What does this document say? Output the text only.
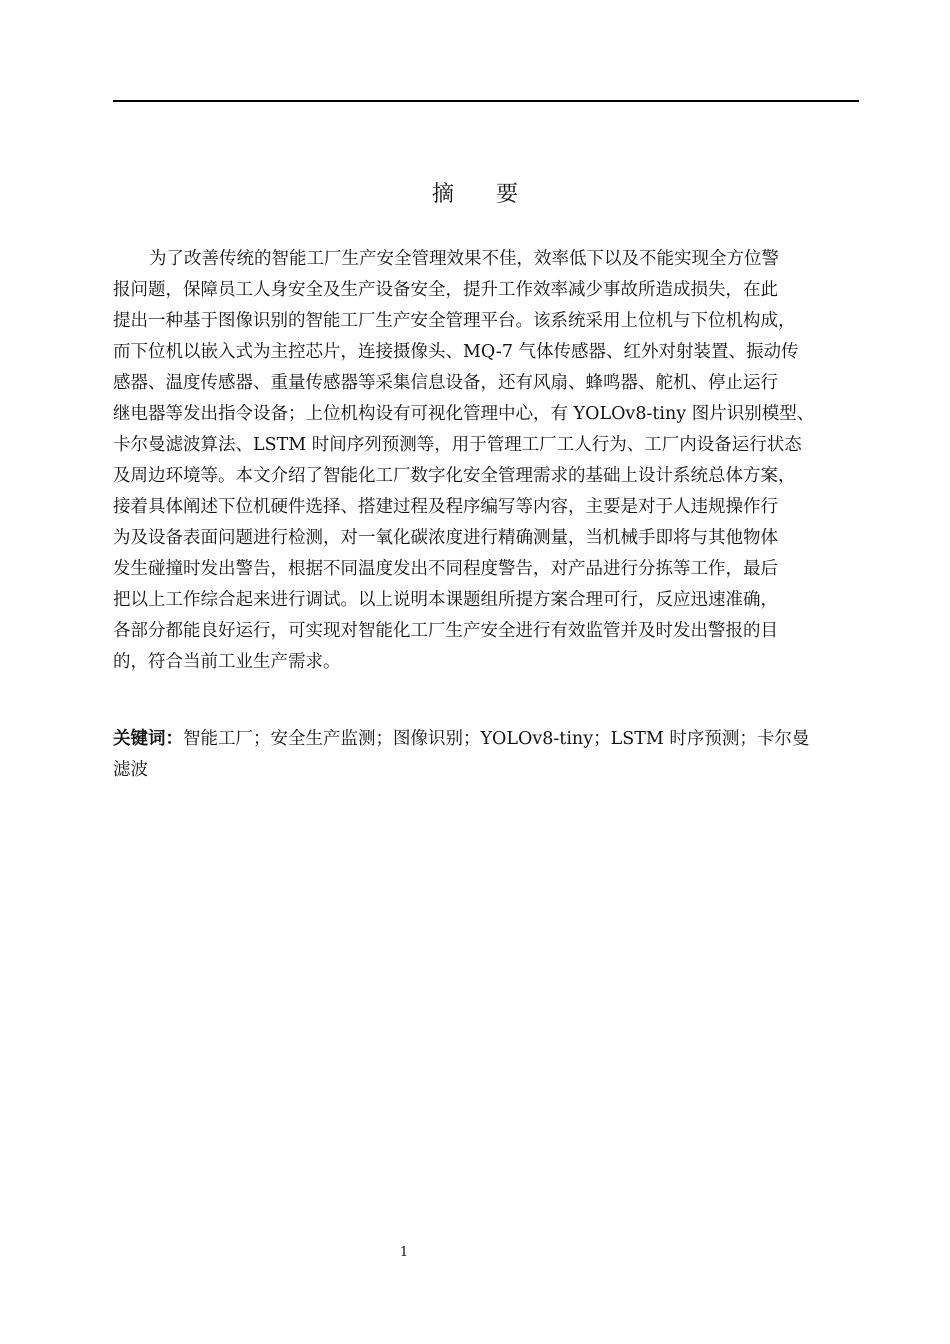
摘要
为了改善传统的智能工厂生产安全管理效果不佳，效率低下以及不能实现全方位警
报问题，保障员工人身安全及生产设备安全，提升工作效率减少事故所造成损失，在此
提出一种基于图像识别的智能工厂生产安全管理平台。该系统采用上位机与下位机构成，
而下位机以嵌入式为主控芯片，连接摄像头、MQ-7 气体传感器、红外对射装置、振动传
感器、温度传感器、重量传感器等采集信息设备，还有风扇、蜂鸣器、舵机、停止运行
继电器等发出指令设备；上位机构设有可视化管理中心，有 YOLOv8-tiny 图片识别模型、
卡尔曼滤波算法、LSTM 时间序列预测等，用于管理工厂工人行为、工厂内设备运行状态
及周边环境等。本文介绍了智能化工厂数字化安全管理需求的基础上设计系统总体方案，
接着具体阐述下位机硬件选择、搭建过程及程序编写等内容，主要是对于人违规操作行
为及设备表面问题进行检测，对一氧化碳浓度进行精确测量，当机械手即将与其他物体
发生碰撞时发出警告，根据不同温度发出不同程度警告，对产品进行分拣等工作，最后
把以上工作综合起来进行调试。以上说明本课题组所提方案合理可行，反应迅速准确，
各部分都能良好运行，可实现对智能化工厂生产安全进行有效监管并及时发出警报的目
的，符合当前工业生产需求。
关键词：智能工厂；安全生产监测；图像识别；YOLOv8-tiny；LSTM 时序预测；卡尔曼
滤波
1
